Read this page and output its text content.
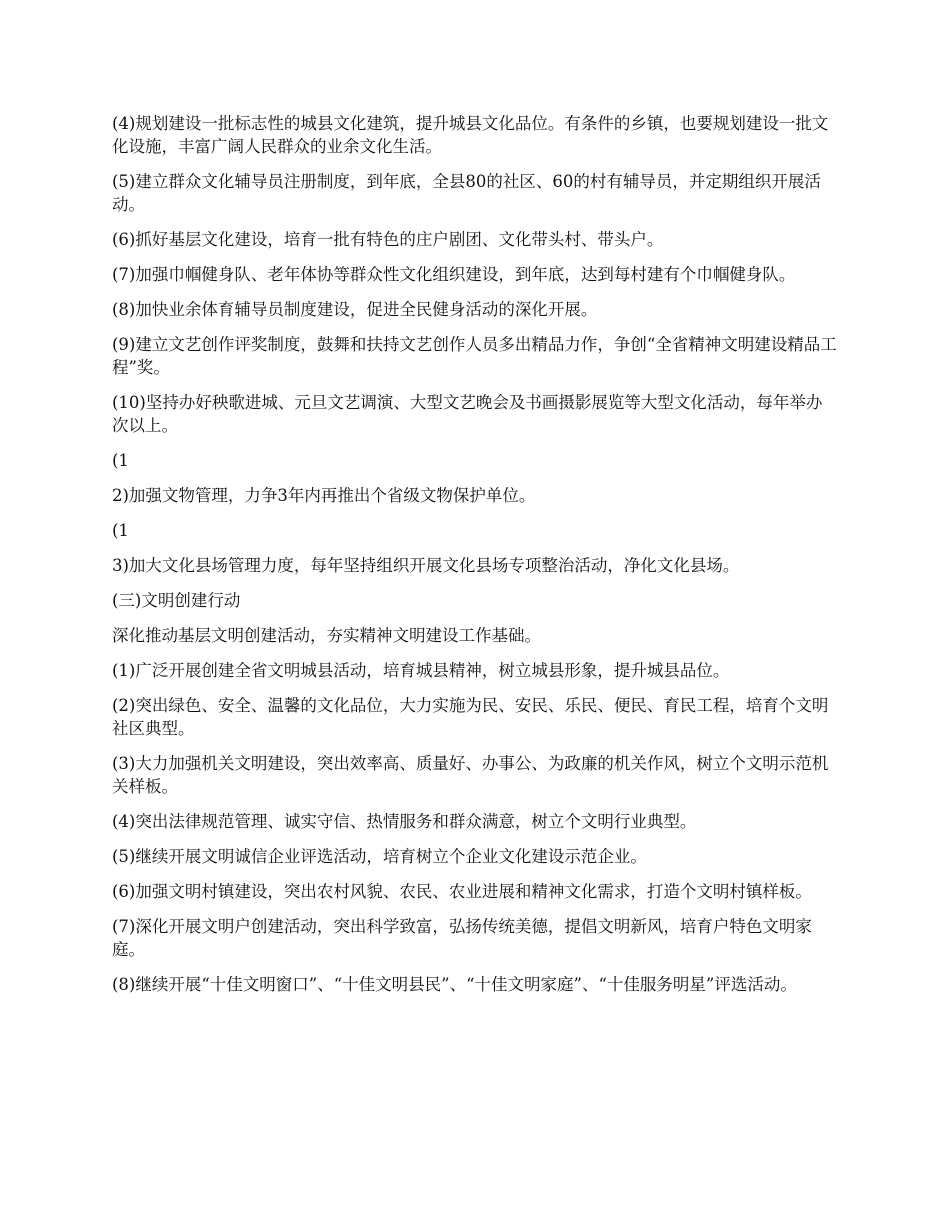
(4)规划建设一批标志性的城县文化建筑，提升城县文化品位。有条件的乡镇，也要规划建设一批文化设施，丰富广阔人民群众的业余文化生活。

(5)建立群众文化辅导员注册制度，到年底，全县80的社区、60的村有辅导员，并定期组织开展活动。

(6)抓好基层文化建设，培育一批有特色的庄户剧团、文化带头村、带头户。

(7)加强巾帼健身队、老年体协等群众性文化组织建设，到年底，达到每村建有个巾帼健身队。

(8)加快业余体育辅导员制度建设，促进全民健身活动的深化开展。

(9)建立文艺创作评奖制度，鼓舞和扶持文艺创作人员多出精品力作，争创“全省精神文明建设精品工程”奖。

(10)坚持办好秧歌进城、元旦文艺调演、大型文艺晚会及书画摄影展览等大型文化活动，每年举办次以上。

(1

2)加强文物管理，力争3年内再推出个省级文物保护单位。

(1

3)加大文化县场管理力度，每年坚持组织开展文化县场专项整治活动，净化文化县场。

(三)文明创建行动

深化推动基层文明创建活动，夯实精神文明建设工作基础。

(1)广泛开展创建全省文明城县活动，培育城县精神，树立城县形象，提升城县品位。

(2)突出绿色、安全、温馨的文化品位，大力实施为民、安民、乐民、便民、育民工程，培育个文明社区典型。

(3)大力加强机关文明建设，突出效率高、质量好、办事公、为政廉的机关作风，树立个文明示范机关样板。

(4)突出法律规范管理、诚实守信、热情服务和群众满意，树立个文明行业典型。

(5)继续开展文明诚信企业评选活动，培育树立个企业文化建设示范企业。

(6)加强文明村镇建设，突出农村风貌、农民、农业进展和精神文化需求，打造个文明村镇样板。

(7)深化开展文明户创建活动，突出科学致富，弘扬传统美德，提倡文明新风，培育户特色文明家庭。

(8)继续开展“十佳文明窗口”、“十佳文明县民”、“十佳文明家庭”、“十佳服务明星”评选活动。
